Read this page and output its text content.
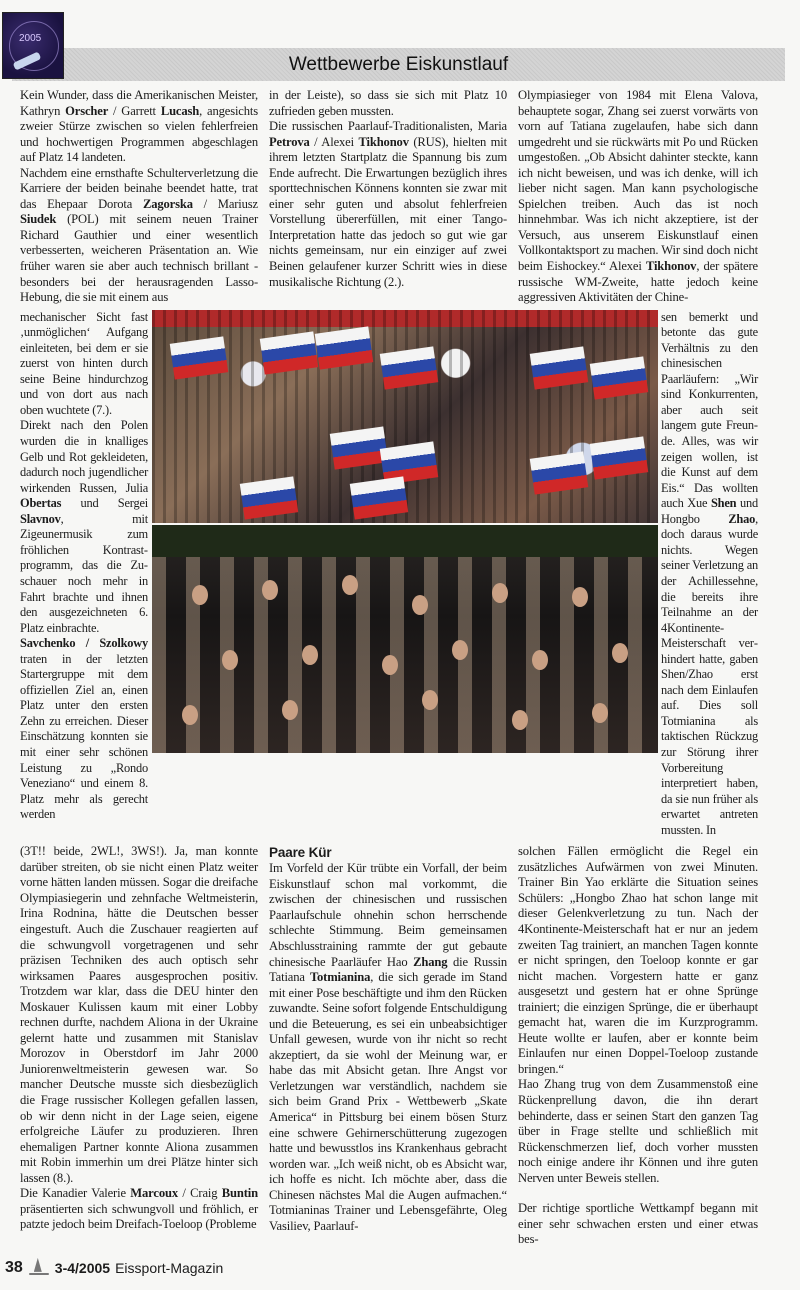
2005
Wettbewerbe Eiskunstlauf

Kein Wunder, dass die Amerikanischen Meister, Kathryn Orscher / Garrett Lucash, angesichts zweier Stürze zwischen so vielen fehlerfreien und hochwertigen Programmen abgeschlagen auf Platz 14 landeten.

Nachdem eine ernsthafte Schulterverletzung die Karriere der beiden beinahe beendet hatte, trat das Ehepaar Dorota Zagorska / Mariusz Siudek (POL) mit seinem neuen Trainer Richard Gauthier und einer wesentlich verbesserten, weicheren Präsentation an. Wie früher waren sie aber auch technisch brillant - besonders bei der herausragenden Lasso-Hebung, die sie mit einem aus

in der Leiste), so dass sie sich mit Platz 10 zufrieden geben mussten.

Die russischen Paarlauf-Traditionalisten, Maria Petrova / Alexei Tikhonov (RUS), hielten mit ihrem letzten Startplatz die Spannung bis zum Ende aufrecht. Die Erwartungen bezüglich ihres sporttechnischen Könnens konnten sie zwar mit einer sehr guten und absolut fehlerfreien Vorstellung übererfüllen, mit einer Tango-Interpretation hatte das jedoch so gut wie gar nichts gemeinsam, nur ein einziger auf zwei Beinen gelaufener kurzer Schritt wies in diese musikalische Richtung (2.).

Olympiasieger von 1984 mit Elena Valova, behauptete sogar, Zhang sei zuerst vorwärts von vorn auf Tatiana zugelaufen, habe sich dann umgedreht und sie rückwärts mit Po und Rücken umgestoßen. „Ob Absicht dahinter steckte, kann ich nicht beweisen, und was ich denke, will ich lieber nicht sagen. Man kann psychologische Spielchen treiben. Auch das ist noch hinnehmbar. Was ich nicht akzeptiere, ist der Versuch, aus unserem Eiskunstlauf einen Vollkontaktsport zu machen. Wir sind doch nicht beim Eishockey.“ Alexei Tikhonov, der spätere russische WM-Zweite, hatte jedoch keine aggressiven Aktivitäten der Chine-

mechanischer Sicht fast ‚unmöglichen‘ Aufgang einleiteten, bei dem er sie zuerst von hinten durch seine Beine hindurchzog und von dort aus nach oben wuchtete (7.).

Direkt nach den Polen wurden die in knalliges Gelb und Rot gekleideten, dadurch noch jugendlicher wirkenden Russen, Julia Obertas und Sergei Slavnov, mit Zigeunermusik zum fröhlichen Kontrastprogramm, das die Zuschauer noch mehr in Fahrt brachte und ihnen den ausgezeichneten 6. Platz einbrachte.

Savchenko / Szolkowy traten in der letzten Startergruppe mit dem offiziellen Ziel an, einen Platz unter den ersten Zehn zu erreichen. Dieser Einschätzung konnten sie mit einer sehr schönen Leistung zu „Rondo Veneziano“ und einem 8. Platz mehr als gerecht werden

sen bemerkt und betonte das gute Verhältnis zu den chinesischen Paarläufern: „Wir sind Konkurrenten, aber auch seit langem gute Freunde. Alles, was wir zeigen wollen, ist die Kunst auf dem Eis.“ Das wollten auch Xue Shen und Hongbo Zhao, doch daraus wurde nichts. Wegen seiner Verletzung an der Achillessehne, die bereits ihre Teilnahme an der 4Kontinente-Meisterschaft verhindert hatte, gaben Shen/Zhao erst nach dem Einlaufen auf. Dies soll Totmianina als taktischen Rückzug zur Störung ihrer Vorbereitung interpretiert haben, da sie nun früher als erwartet antreten mussten. In

(3T!! beide, 2WL!, 3WS!). Ja, man konnte darüber streiten, ob sie nicht einen Platz weiter vorne hätten landen müssen. Sogar die dreifache Olympiasiegerin und zehnfache Weltmeisterin, Irina Rodnina, hätte die Deutschen besser eingestuft. Auch die Zuschauer reagierten auf die schwungvoll vorgetragenen und sehr präzisen Techniken des auch optisch sehr wirksamen Paares ausgesprochen positiv. Trotzdem war klar, dass die DEU hinter den Moskauer Kulissen kaum mit einer Lobby rechnen durfte, nachdem Aliona in der Ukraine gelernt hatte und zusammen mit Stanislav Morozov in Oberstdorf im Jahr 2000 Juniorenweltmeisterin gewesen war. So mancher Deutsche musste sich diesbezüglich die Frage russischer Kollegen gefallen lassen, ob wir denn nicht in der Lage seien, eigene erfolgreiche Läufer zu produzieren. Ihren ehemaligen Partner konnte Aliona zusammen mit Robin immerhin um drei Plätze hinter sich lassen (8.).

Die Kanadier Valerie Marcoux / Craig Buntin präsentierten sich schwungvoll und fröhlich, er patzte jedoch beim Dreifach-Toeloop (Probleme

Paare Kür

Im Vorfeld der Kür trübte ein Vorfall, der beim Eiskunstlauf schon mal vorkommt, die zwischen der chinesischen und russischen Paarlaufschule ohnehin schon herrschende schlechte Stimmung. Beim gemeinsamen Abschlusstraining rammte der gut gebaute chinesische Paarläufer Hao Zhang die Russin Tatiana Totmianina, die sich gerade im Stand mit einer Pose beschäftigte und ihm den Rücken zuwandte. Seine sofort folgende Entschuldigung und die Beteuerung, es sei ein unbeabsichtiger Unfall gewesen, wurde von ihr nicht so recht akzeptiert, da sie wohl der Meinung war, er habe das mit Absicht getan. Ihre Angst vor Verletzungen war verständlich, nachdem sie sich beim Grand Prix - Wettbewerb „Skate America“ in Pittsburg bei einem bösen Sturz eine schwere Gehirnerschütterung zugezogen hatte und bewusstlos ins Krankenhaus gebracht worden war. „Ich weiß nicht, ob es Absicht war, ich hoffe es nicht. Ich möchte aber, dass die Chinesen nächstes Mal die Augen aufmachen.“ Totmianinas Trainer und Lebensgefährte, Oleg Vasiliev, Paarlauf-

solchen Fällen ermöglicht die Regel ein zusätzliches Aufwärmen von zwei Minuten. Trainer Bin Yao erklärte die Situation seines Schülers: „Hongbo Zhao hat schon lange mit dieser Gelenkverletzung zu tun. Nach der 4Kontinente-Meisterschaft hat er nur an jedem zweiten Tag trainiert, an manchen Tagen konnte er nicht springen, den Toeloop konnte er gar nicht machen. Vorgestern hatte er ganz ausgesetzt und gestern hat er ohne Sprünge trainiert; die einzigen Sprünge, die er überhaupt gemacht hat, waren die im Kurzprogramm. Heute wollte er laufen, aber er konnte beim Einlaufen nur einen Doppel-Toeloop zustande bringen.“

Hao Zhang trug von dem Zusammenstoß eine Rückenprellung davon, die ihn derart behinderte, dass er seinen Start den ganzen Tag über in Frage stellte und schließlich mit Rückenschmerzen lief, doch vorher mussten noch einige andere ihr Können und ihre guten Nerven unter Beweis stellen.

Der richtige sportliche Wettkampf begann mit einer sehr schwachen ersten und einer etwas bes-

38 3-4/2005 Eissport-Magazin
